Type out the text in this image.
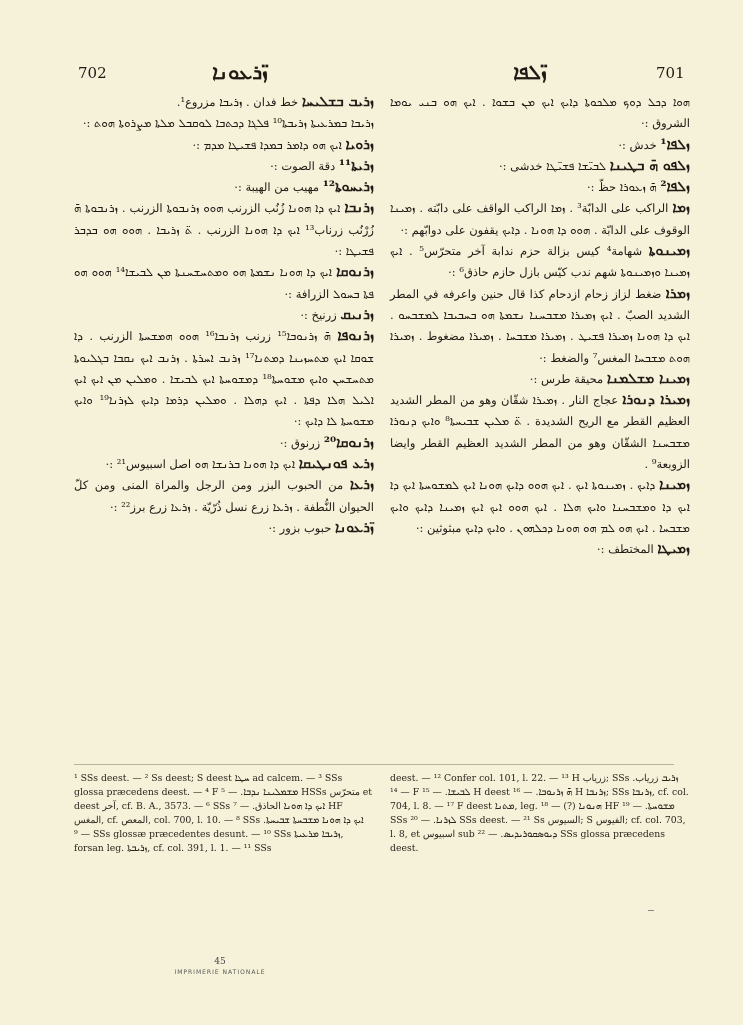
702	ܙ̈ܪܥܘܢܐ	ܙ̈ܠܦܐ	701

ܙܪܝܒ ܒܫܠܝܚܐ خط فدان . ܙܪܝܒܐ مزروع¹.

ܙܪܝܒܐ ܒܡܪܥܝܬܐ ܙܪܝܒܬܐ¹⁰ ܦܠܓܐ ܕܟܬܒܐ ܠܘܩܒܠ ܡܠܬܐ ܡܨܪܘܬܐ ܗܘܬ :·

ܙܪܘܝܐ ܐܝܟ ܗܘ ܕܐܡܪ ܒܡܕܐ ܦܫܝܛܐ ܡܕܡ :·

ܙܪܝܬܐ¹¹ دقة الصوت :·

ܙܪܝܚܘܬܐ¹² مهيب من الهيبة :·

ܙܪܢܒܐ ܐܝܟ ܕܐ ܗܘܢܐ زُنُب الزرنب ܗܘܘ ܙܪܢܒܘܬܐ الزرنب . ܙܪܢܒܘܬܐ ܗ̄ زُرْنُب زرناب¹³ ܐܝܟ ܕܐ ܗܘܢܐ الزرنب . ܬ̈ ܙܪܝܒܐ . ܗܘܘ ܗܘ ܒܕܒܪ ܦܫܝܛܐ :·

ܙܪܢܘܩܐ ܐܝܟ ܕܐ ܗܘܢܐ ܢܫܡܬܐ ܗܘ ܘܡܬܚܫܚܢܬܐ ܡܢ ܠܒܝܫܐ¹⁴ ܗܘܘ ܗܘ ܦܬܐ ܒܚܘܠ الزرافة :·

ܙܪܢܝܩ زرنيخ :·

ܙܪܢܘܦܐ ܗ̄ ܙܪܢܘܒܐ¹⁵ زرنب ܙܪܢܒܐ¹⁶ ܗܘܘ ܗܡܫܚܬܐ الزرنب . ܕܐ ܫܘܩܐ ܐܝܟ ܡܬܚܙܝܢܐ ܕܡܬܢܐ¹⁷ ܙܪܢܒ ܐܚܪܬܐ . ܙܪܢܒ ܐܝܟ ܢܩܒܐ ܒܓܠܝܘܬܐ ܡܬܚܫܚܢ ܘܐܝܟ ܡܫܘܚܬܐ¹⁸ ܕܡܫܘܚܬܐ ܐܝܟ ܠܒܝܫܐ . ܘܡܠܝܢ ܡܢ ܐܝܟ ܐܝܟ ܐܠܝܠ ܗܠܐ ܕܦܬܐ . ܐܝܟ ܕܗܠܐ . ܘܡܠܝܢ ܕܪܡܐ ܕܐܝܟ ܠܙܪܢܐ¹⁹ ܘܐܝܟ ܡܫܘܚܬܐ ܠܐ ܕܐܝܟ :·

ܙܪܢܘܩܐ²⁰ زرنوق :·

ܙܪܥ ܦܘܢܛܝܩܐ ܐܝܟ ܕܐ ܗܘܢܐ ܒܪܢܫܐ ܗܘ اصل اسبيوس²¹ :·

ܙܪܥܐ من الحبوب البزر ومن الرجل والمراة المنى ومن كلّ الحيوان النُّطفة . ܙܪܥܐ زرع نسل ذُرّيّة . ܙܪܥܐ زرع برز²² :·

ܙ̈ܪܥܘܢܐ حبوب بزور :·

ܗܘܐ ܕܟܠ ܕܘܟ ܡܠܟܘܬܐ ܕܐܝܟ ܐܝܟ ܡܢ ܒܫܘܐ . ܐܝܟ ܗܘ ܒܢܝ ܝܘܡܐ الشروق :·

ܙܠܦܐ¹ خدش :·

ܙܠܦܘ ܗ̄ ܒܛܝܢܐ ܠܒܝ̈ܫܐ ܦܫܝ̈ܛܐ خدشى :·

ܙܠܦܐ² ܗ̄ ܙܥܘܪܐ حظّ :·

ܙܡܐ الراكب على الدابّة³ . ܙܡܐ الراكب الواقف على دابّته . ܙܡܝܢܐ الوقوف على الدابّة . ܗܘܘ ܕܐ ܗܘܢܐ . ܕܐܝܟ يقفون على دوابّهم :·

ܙܡܝܢܘܬܐ شهامة⁴ كيس بزالة حزم ندابة آخر متحرّس⁵ . ܐܝܟ ܙܡܝܢܐ ܘܙܡܝܢܘܬܐ شهم ندب كيّس بازل حازم حاذق⁶ :·

ܙܡܪܐ ضغط لزاز زحام ازدحام كذا قال حنين واعرفه في المطر الشديد الصبّ . ܐܝܟ ܙܡܝܪܐ ܡܫܒܚܢܐ ܢܫܡܬܐ ܗܘ ܒܚܒܝܒܐ ܠܡܫܒܚܘ . ܐܝܟ ܕܐ ܗܘܢܐ ܙܡܝܪܐ ܦܫܝܛ . ܙܡܝܪܐ ܡܫܒܚܐ . ܙܡܝܪܐ مضغوط . ܙܡܝܪܐ ܗܘܬ ܡܫܒܚܐ المغس⁷ والضغط :·

ܙܡܝܢܐ ܡܫܠܡܢܐ محيقة طرس :·

ܙܡܝܪܐ ܕܢܘܪܐ عجاج النار . ܙܡܝܪܐ شقّان وهو من المطر الشديد العظيم القطر مع الريح الشديدة . ܬ̈ ܡܠܝܢ ܫܒܝܚܬܐ⁸ ܘܐܝܟ ܕܢܘܪܐ ܡܫܒܚܢܐ الشقّان وهو من المطر الشديد العظيم القطر وايضا الزوبعة⁹ .

ܙܡܝܢܐ ܕܐܝܟ . ܙܡܝܢܘܬܐ ܐܝܟ . ܐܝܟ ܗܘܘ ܕܐܝܟ ܗܘܢܐ ܐܝܟ ܠܡܫܘܚܬܐ ܐܝܟ ܕܐ ܐܝܟ ܕܐ ܘܡܫܒܚܢܐ ܘܐܝܟ ܗܠܐ . ܐܝܟ ܗܘܘ ܐܝܟ ܐܝܟ ܙܡܝܢܐ ܕܐܝܟ ܘܐܝܟ ܡܫܒܚܐ . ܐܝܟ ܗܘ ܠܡ ܗܘ ܗܘܢܐ ܕܟܠܗܘܢ . ܘܐܝܟ ܕܐܝܟ مبثوثين :·

ܙܡܝܛܐ المختطف :·

¹ SSs deest. — ² Ss deest; S deest ܚܛܐ ad calcem. — ³ SSs glossa præcedens deest. — ⁴ F ܡܫܡܠܝܢܐ ܢܕܒܐ. — ⁵ HSSs متحرّس et deest آحر, cf. B. A., 3573. — ⁶ SSs ܐܝܟ ܕܐ ܗܘܢܐ الحاذق. — ⁷ HF المغس, cf. المعص, col. 700, l. 10. — ⁸ SSs ܐܝܟ ܕܐ ܗܘܢܐ ܡܫܒܚܬܐ ܫܒܝܚܬܐ. — ⁹ SSs glossæ præcedentes desunt. — ¹⁰ SSs ܙܪܝܒܐ ܡܪܥܝܬܐ, forsan leg. ܙܪܝܒܬܐ, cf. col. 391, l. 1. — ¹¹ SSs
deest. — ¹² Confer col. 101, l. 22. — ¹³ H زرياب; SSs ܙܪܝܒ زرياب. — ¹⁴ F ܠܒܝܫܐ. — ¹⁵ H deest ܗ̄ ܙܪܢܘܒܐ. — ¹⁶ H ܙܪܢܒܐ; SSs ܙܪܢܒܐ, cf. col. 704, l. 8. — ¹⁷ F deest ܡܬܢܐ, leg. ܗܢܘܢܐ (?) — ¹⁸ HF ܡܫܘܚܬܐ. — ¹⁹ SSs ܠܙܪܢܐ. — ²⁰ SSs deest. — ²¹ Ss السيوس; S الفيوس; cf. col. 703, l. 8, et اسبيوس sub ܕܝܘܣܩܘܪܝܕܝܣ. — ²² SSs glossa præcedens deest.
45
IMPRIMERIE NATIONALE
